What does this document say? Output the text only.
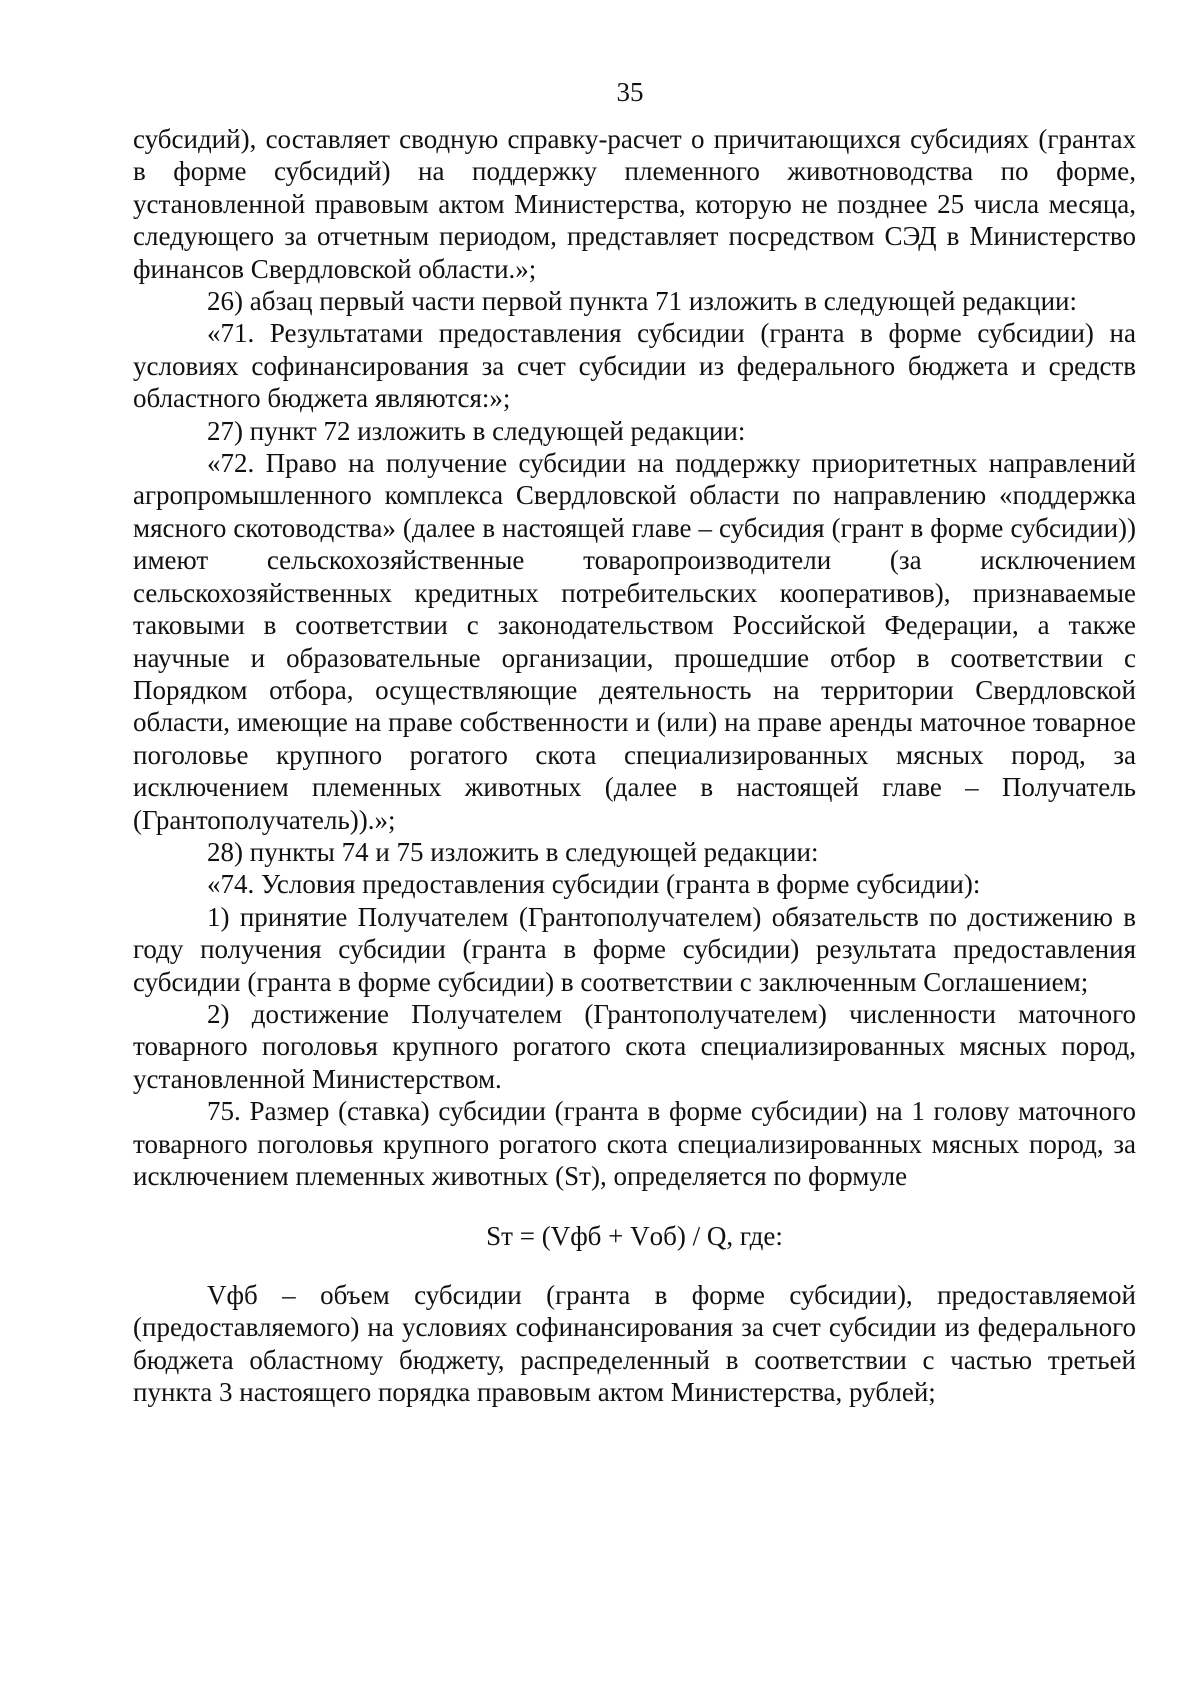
35

субсидий), составляет сводную справку-расчет о причитающихся субсидиях (грантах в форме субсидий) на поддержку племенного животноводства по форме, установленной правовым актом Министерства, которую не позднее 25 числа месяца, следующего за отчетным периодом, представляет посредством СЭД в Министерство финансов Свердловской области.»;

26) абзац первый части первой пункта 71 изложить в следующей редакции:

«71. Результатами предоставления субсидии (гранта в форме субсидии) на условиях софинансирования за счет субсидии из федерального бюджета и средств областного бюджета являются:»;

27) пункт 72 изложить в следующей редакции:

«72. Право на получение субсидии на поддержку приоритетных направлений агропромышленного комплекса Свердловской области по направлению «поддержка мясного скотоводства» (далее в настоящей главе – субсидия (грант в форме субсидии)) имеют сельскохозяйственные товаропроизводители (за исключением сельскохозяйственных кредитных потребительских кооперативов), признаваемые таковыми в соответствии с законодательством Российской Федерации, а также научные и образовательные организации, прошедшие отбор в соответствии с Порядком отбора, осуществляющие деятельность на территории Свердловской области, имеющие на праве собственности и (или) на праве аренды маточное товарное поголовье крупного рогатого скота специализированных мясных пород, за исключением племенных животных (далее в настоящей главе – Получатель (Грантополучатель)).»;

28) пункты 74 и 75 изложить в следующей редакции:

«74. Условия предоставления субсидии (гранта в форме субсидии):

1) принятие Получателем (Грантополучателем) обязательств по достижению в году получения субсидии (гранта в форме субсидии) результата предоставления субсидии (гранта в форме субсидии) в соответствии с заключенным Соглашением;

2) достижение Получателем (Грантополучателем) численности маточного товарного поголовья крупного рогатого скота специализированных мясных пород, установленной Министерством.

75. Размер (ставка) субсидии (гранта в форме субсидии) на 1 голову маточного товарного поголовья крупного рогатого скота специализированных мясных пород, за исключением племенных животных (Sт), определяется по формуле

Sт = (Vфб + Vоб) / Q, где:

Vфб – объем субсидии (гранта в форме субсидии), предоставляемой (предоставляемого) на условиях софинансирования за счет субсидии из федерального бюджета областному бюджету, распределенный в соответствии с частью третьей пункта 3 настоящего порядка правовым актом Министерства, рублей;
